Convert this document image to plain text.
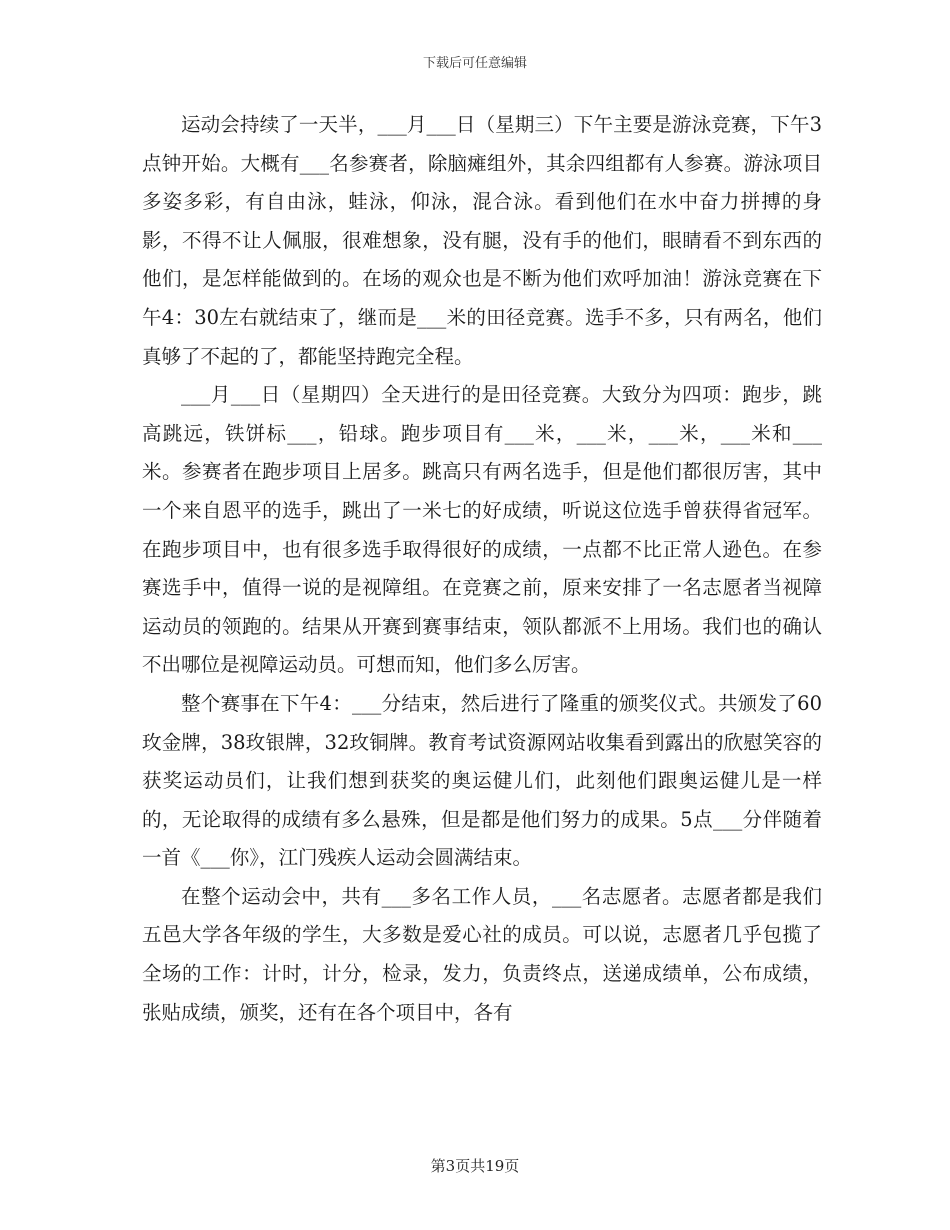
下载后可任意编辑

运动会持续了一天半，___月___日（星期三）下午主要是游泳竞赛，下午3点钟开始。大概有___名参赛者，除脑瘫组外，其余四组都有人参赛。游泳项目多姿多彩，有自由泳，蛙泳，仰泳，混合泳。看到他们在水中奋力拼搏的身影，不得不让人佩服，很难想象，没有腿，没有手的他们，眼睛看不到东西的他们，是怎样能做到的。在场的观众也是不断为他们欢呼加油！游泳竞赛在下午4：30左右就结束了，继而是___米的田径竞赛。选手不多，只有两名，他们真够了不起的了，都能坚持跑完全程。

___月___日（星期四）全天进行的是田径竞赛。大致分为四项：跑步，跳高跳远，铁饼标___，铅球。跑步项目有___米，___米，___米，___米和___米。参赛者在跑步项目上居多。跳高只有两名选手，但是他们都很厉害，其中一个来自恩平的选手，跳出了一米七的好成绩，听说这位选手曾获得省冠军。在跑步项目中，也有很多选手取得很好的成绩，一点都不比正常人逊色。在参赛选手中，值得一说的是视障组。在竞赛之前，原来安排了一名志愿者当视障运动员的领跑的。结果从开赛到赛事结束，领队都派不上用场。我们也的确认不出哪位是视障运动员。可想而知，他们多么厉害。

整个赛事在下午4：___分结束，然后进行了隆重的颁奖仪式。共颁发了60玫金牌，38玫银牌，32玫铜牌。教育考试资源网站收集看到露出的欣慰笑容的获奖运动员们，让我们想到获奖的奥运健儿们，此刻他们跟奥运健儿是一样的，无论取得的成绩有多么悬殊，但是都是他们努力的成果。5点___分伴随着一首《___你》，江门残疾人运动会圆满结束。

在整个运动会中，共有___多名工作人员，___名志愿者。志愿者都是我们五邑大学各年级的学生，大多数是爱心社的成员。可以说，志愿者几乎包揽了全场的工作：计时，计分，检录，发力，负责终点，送递成绩单，公布成绩，张贴成绩，颁奖，还有在各个项目中，各有

第3页共19页
